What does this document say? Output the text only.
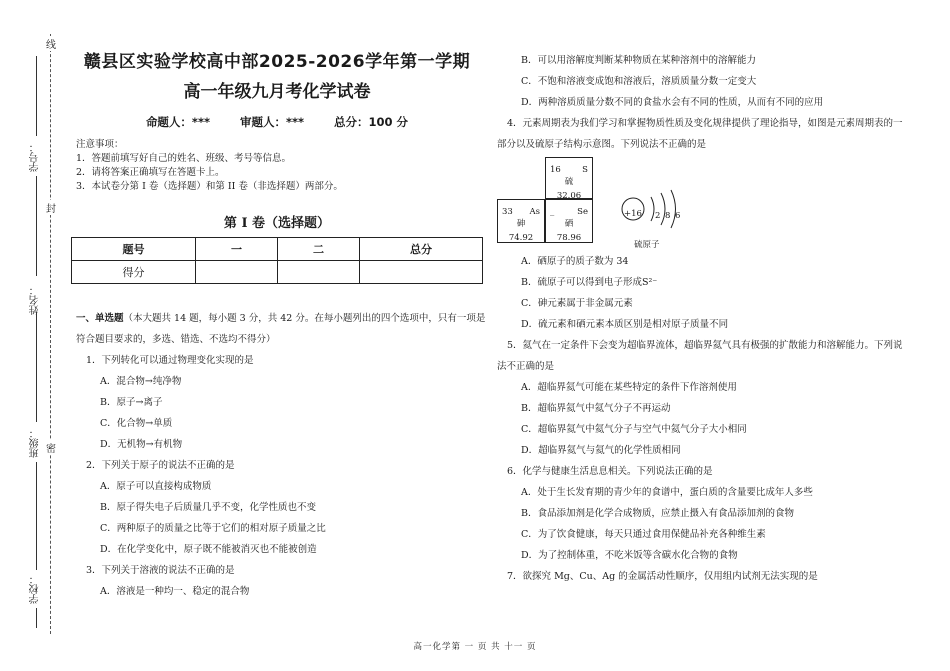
线
封
密
学号：
姓名：
班级：
学校：
赣县区实验学校高中部2025-2026学年第一学期
高一年级九月考化学试卷
命题人：***	审题人：***	总分：100 分
注意事项：
1．答题前填写好自己的姓名、班级、考号等信息。
2．请将答案正确填写在答题卡上。
3．本试卷分第 I 卷（选择题）和第 II 卷（非选择题）两部分。
第 I 卷（选择题）
题号	一	二	总分
得分			
一、单选题（本大题共 14 题，每小题 3 分，共 42 分。在每小题列出的四个选项中，只有一项是
符合题目要求的，多选、错选、不选均不得分）
1．下列转化可以通过物理变化实现的是
A．混合物→纯净物
B．原子→离子
C．化合物→单质
D．无机物→有机物
2．下列关于原子的说法不正确的是
A．原子可以直接构成物质
B．原子得失电子后质量几乎不变，化学性质也不变
C．两种原子的质量之比等于它们的相对原子质量之比
D．在化学变化中，原子既不能被消灭也不能被创造
3．下列关于溶液的说法不正确的是
A．溶液是一种均一、稳定的混合物
B．可以用溶解度判断某种物质在某种溶剂中的溶解能力
C．不饱和溶液变成饱和溶液后，溶质质量分数一定变大
D．两种溶质质量分数不同的食盐水会有不同的性质，从而有不同的应用
4．元素周期表为我们学习和掌握物质性质及变化规律提供了理论指导，如图是元素周期表的一
部分以及硫原子结构示意图。下列说法不正确的是
16	S
硫
32.06
33 As
砷
74.92
_	Se
硒
78.96
+16 2 8 6
硫原子
A．硒原子的质子数为 34
B．硫原子可以得到电子形成S²⁻
C．砷元素属于非金属元素
D．硫元素和硒元素本质区别是相对原子质量不同
5．氦气在一定条件下会变为超临界流体，超临界氦气具有极强的扩散能力和溶解能力。下列说
法不正确的是
A．超临界氦气可能在某些特定的条件下作溶剂使用
B．超临界氦气中氦气分子不再运动
C．超临界氦气中氦气分子与空气中氦气分子大小相同
D．超临界氦气与氦气的化学性质相同
6．化学与健康生活息息相关。下列说法正确的是
A．处于生长发育期的青少年的食谱中，蛋白质的含量要比成年人多些
B．食品添加剂是化学合成物质，应禁止摄入有食品添加剂的食物
C．为了饮食健康，每天只通过食用保健品补充各种维生素
D．为了控制体重，不吃米饭等含碳水化合物的食物
7．欲探究 Mg、Cu、Ag 的金属活动性顺序，仅用组内试剂无法实现的是
高一化学第 一 页 共 十一 页
